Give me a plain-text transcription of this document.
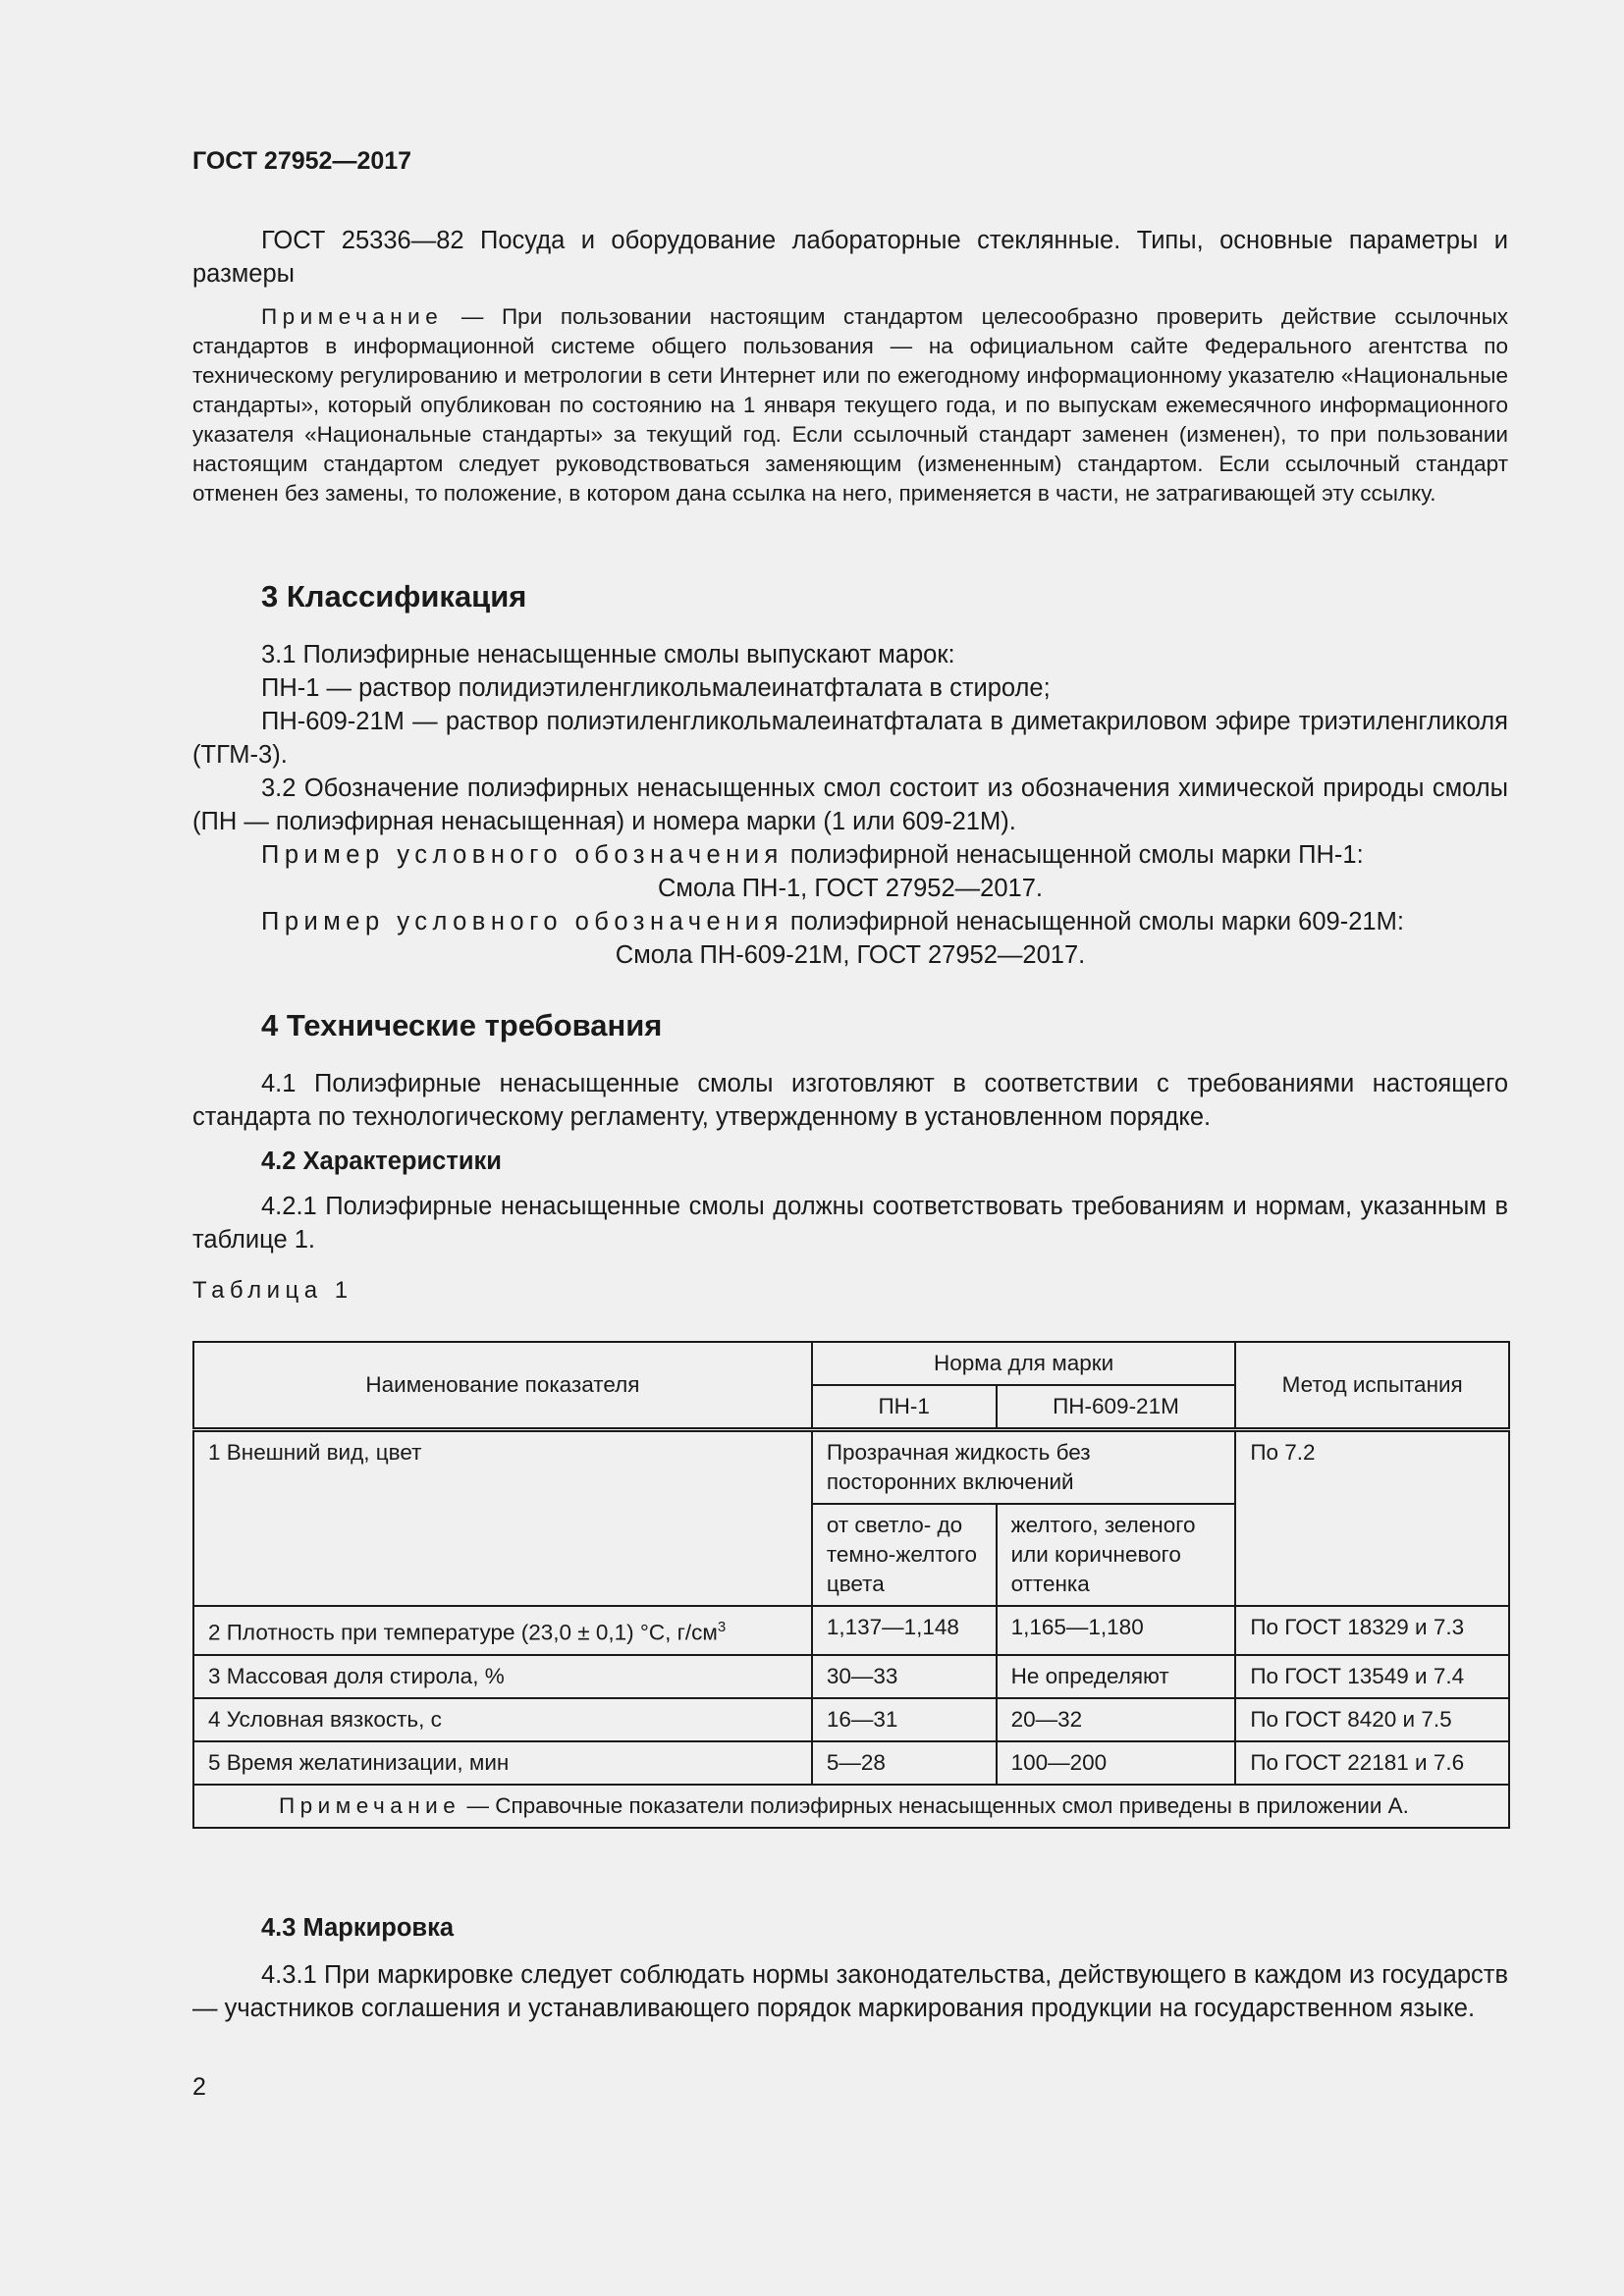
ГОСТ 27952—2017

ГОСТ 25336—82 Посуда и оборудование лабораторные стеклянные. Типы, основные параметры и размеры

Примечание — При пользовании настоящим стандартом целесообразно проверить действие ссылочных стандартов в информационной системе общего пользования — на официальном сайте Федерального агентства по техническому регулированию и метрологии в сети Интернет или по ежегодному информационному указателю «Национальные стандарты», который опубликован по состоянию на 1 января текущего года, и по выпускам ежемесячного информационного указателя «Национальные стандарты» за текущий год. Если ссылочный стандарт заменен (изменен), то при пользовании настоящим стандартом следует руководствоваться заменяющим (измененным) стандартом. Если ссылочный стандарт отменен без замены, то положение, в котором дана ссылка на него, применяется в части, не затрагивающей эту ссылку.

3 Классификация

3.1 Полиэфирные ненасыщенные смолы выпускают марок:

ПН-1 — раствор полидиэтиленгликольмалеинатфталата в стироле;

ПН-609-21М — раствор полиэтиленгликольмалеинатфталата в диметакриловом эфире триэтиленгликоля (ТГМ-3).

3.2 Обозначение полиэфирных ненасыщенных смол состоит из обозначения химической природы смолы (ПН — полиэфирная ненасыщенная) и номера марки (1 или 609-21М).

Пример условного обозначения полиэфирной ненасыщенной смолы марки ПН-1:

Смола ПН-1, ГОСТ 27952—2017.

Пример условного обозначения полиэфирной ненасыщенной смолы марки 609-21М:

Смола ПН-609-21М, ГОСТ 27952—2017.

4 Технические требования

4.1 Полиэфирные ненасыщенные смолы изготовляют в соответствии с требованиями настоящего стандарта по технологическому регламенту, утвержденному в установленном порядке.

4.2 Характеристики

4.2.1 Полиэфирные ненасыщенные смолы должны соответствовать требованиям и нормам, указанным в таблице 1.

Таблица 1

Наименование показателя	Норма для марки		Метод испытания
	ПН-1	ПН-609-21М	
1 Внешний вид, цвет	Прозрачная жидкость без посторонних включений		По 7.2
	от светло- до темно-желтого цвета	желтого, зеленого или коричневого оттенка	
2 Плотность при температуре (23,0 ± 0,1) °С, $г/см^3$	1,137—1,148	1,165—1,180	По ГОСТ 18329 и 7.3
3 Массовая доля стирола, %	30—33	Не определяют	По ГОСТ 13549 и 7.4
4 Условная вязкость, с	16—31	20—32	По ГОСТ 8420 и 7.5
5 Время желатинизации, мин	5—28	100—200	По ГОСТ 22181 и 7.6
Примечание — Справочные показатели полиэфирных ненасыщенных смол приведены в приложении А.			

4.3 Маркировка

4.3.1 При маркировке следует соблюдать нормы законодательства, действующего в каждом из государств — участников соглашения и устанавливающего порядок маркирования продукции на государственном языке.

2
